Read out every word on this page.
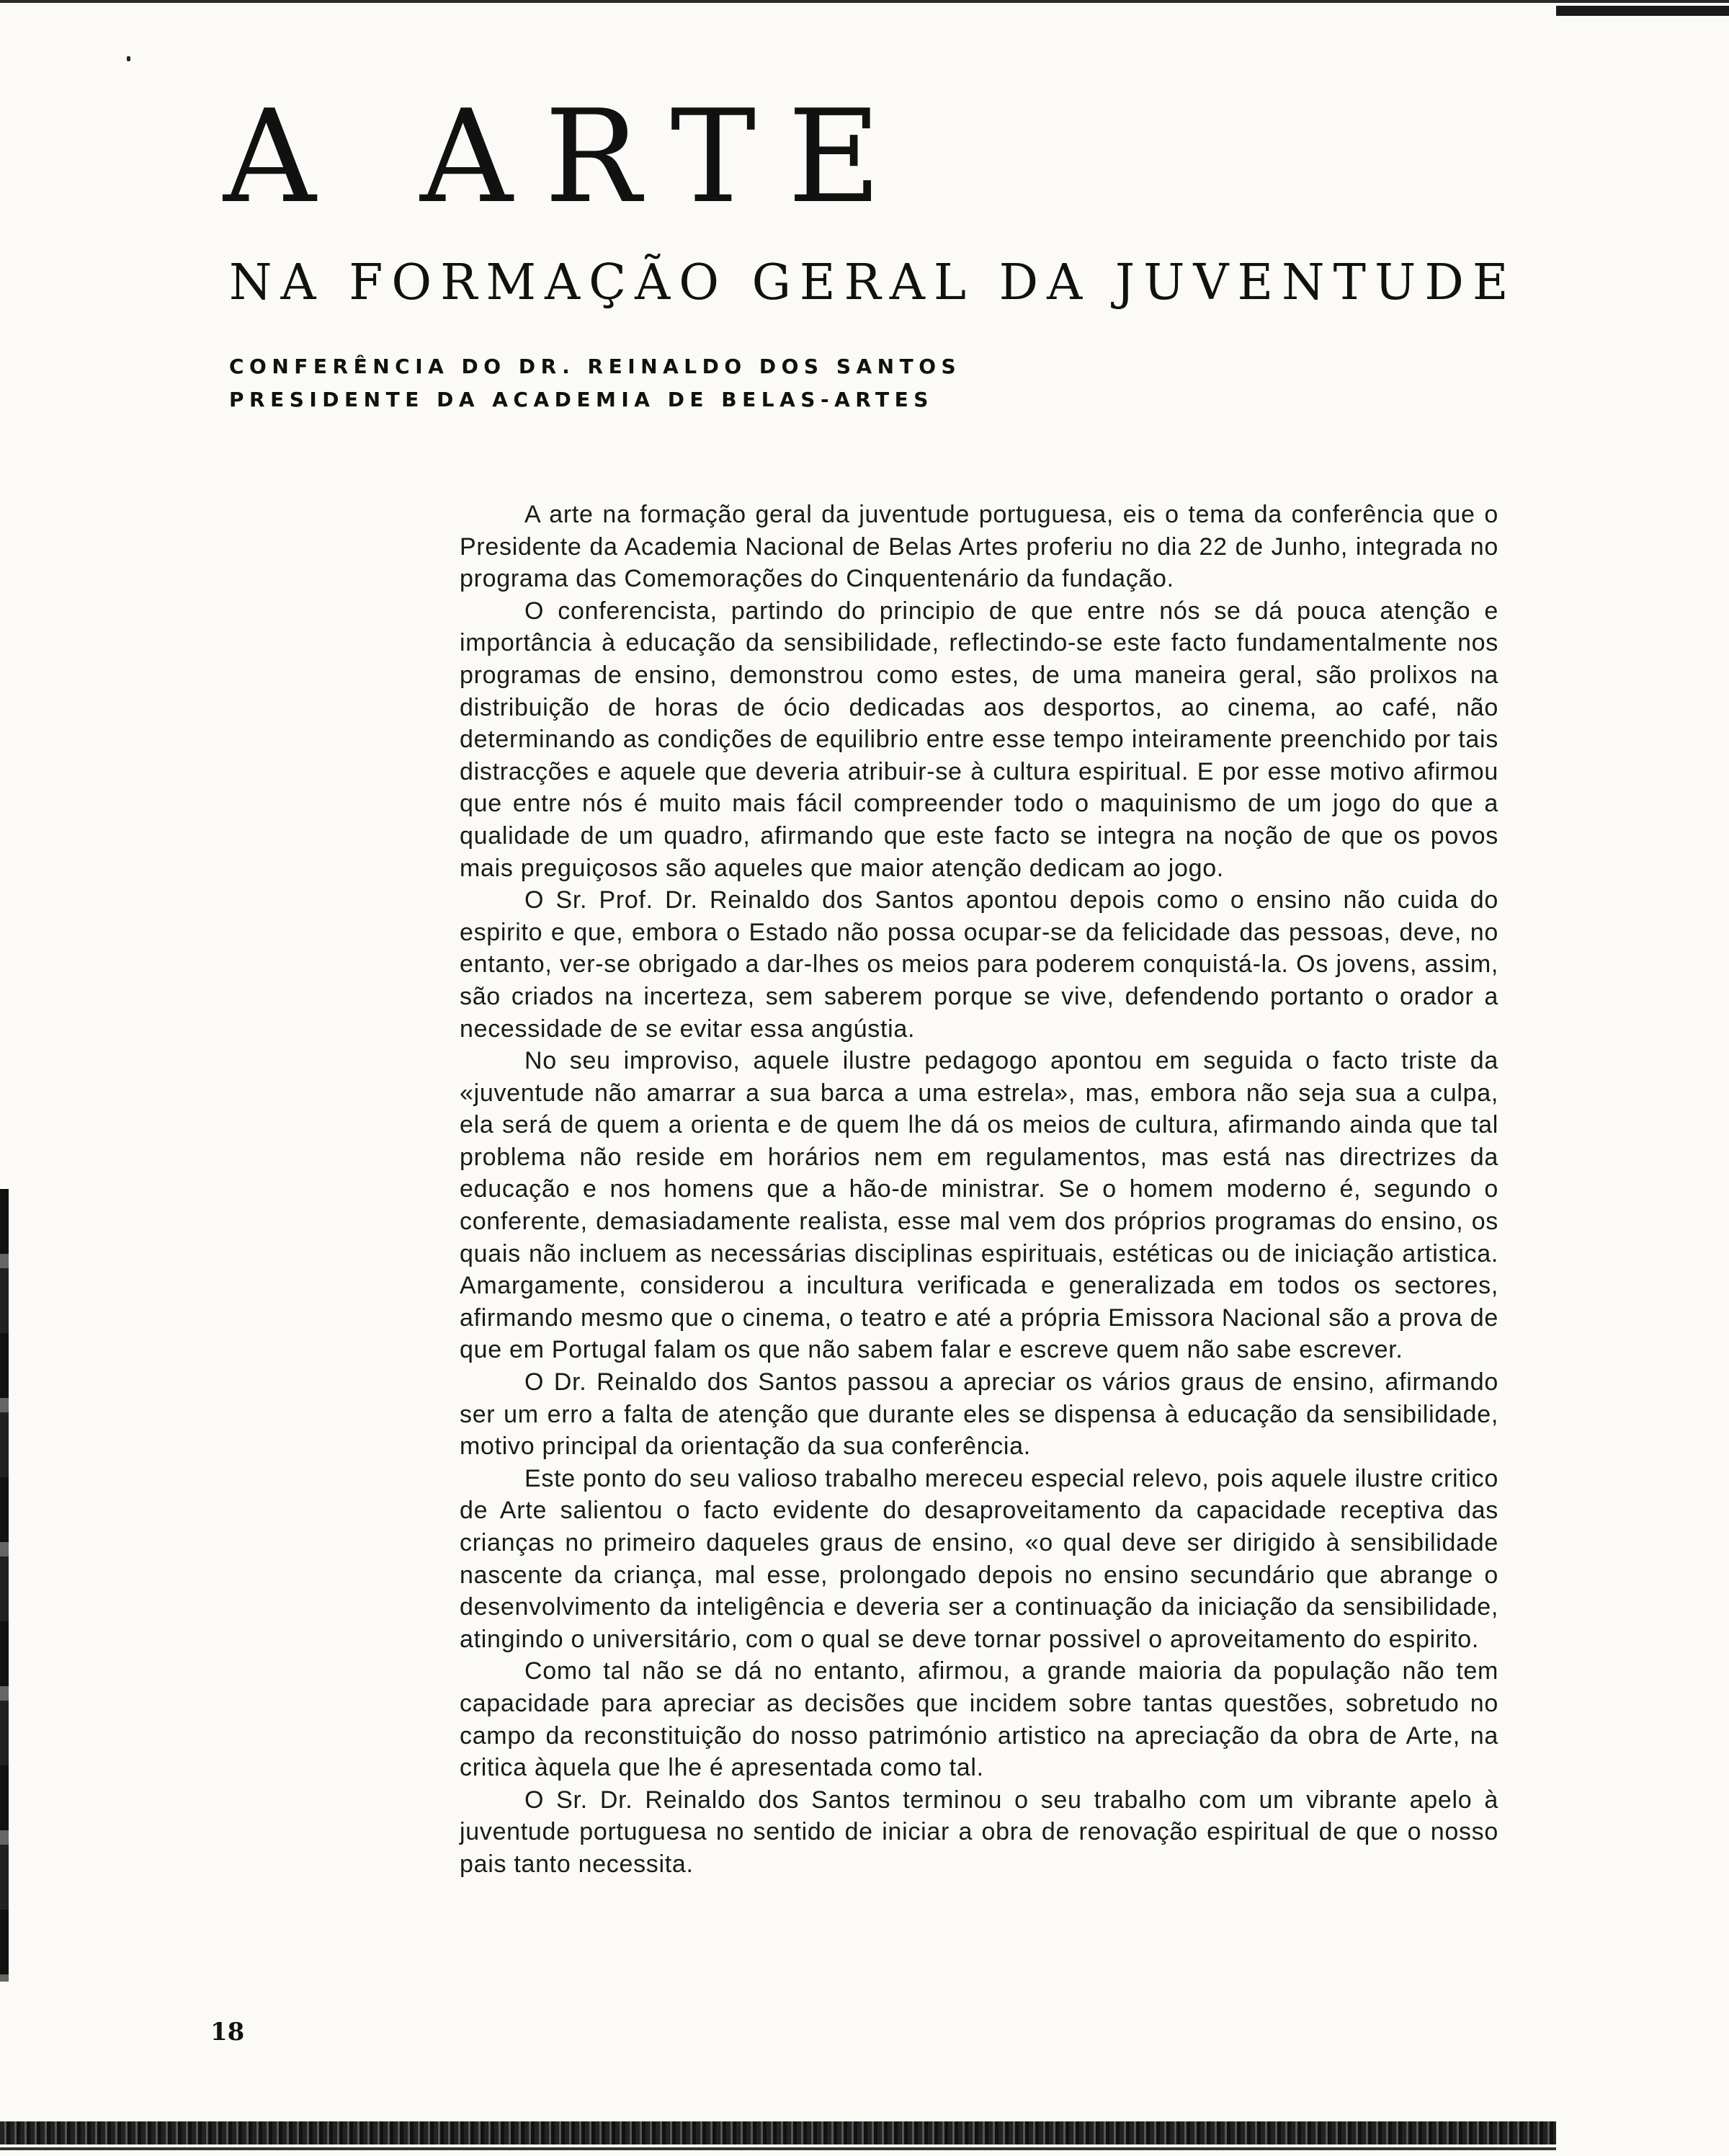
A ARTE
NA FORMAÇÃO GERAL DA JUVENTUDE
CONFERÊNCIA DO DR. REINALDO DOS SANTOS
PRESIDENTE DA ACADEMIA DE BELAS-ARTES

A arte na formação geral da juventude portuguesa, eis o tema da conferência que o Presidente da Academia Nacional de Belas Artes proferiu no dia 22 de Junho, integrada no programa das Comemorações do Cinquentenário da fundação.

O conferencista, partindo do principio de que entre nós se dá pouca atenção e importância à educação da sensibilidade, reflectindo-se este facto fundamentalmente nos programas de ensino, demonstrou como estes, de uma maneira geral, são prolixos na distribuição de horas de ócio dedicadas aos desportos, ao cinema, ao café, não determinando as condições de equilibrio entre esse tempo inteiramente preenchido por tais distracções e aquele que deveria atribuir-se à cultura espiritual. E por esse motivo afirmou que entre nós é muito mais fácil compreender todo o maquinismo de um jogo do que a qualidade de um quadro, afirmando que este facto se integra na noção de que os povos mais preguiçosos são aqueles que maior atenção dedicam ao jogo.

O Sr. Prof. Dr. Reinaldo dos Santos apontou depois como o ensino não cuida do espirito e que, embora o Estado não possa ocupar-se da felicidade das pessoas, deve, no entanto, ver-se obrigado a dar-lhes os meios para poderem conquistá-la. Os jovens, assim, são criados na incerteza, sem saberem porque se vive, defendendo portanto o orador a necessidade de se evitar essa angústia.

No seu improviso, aquele ilustre pedagogo apontou em seguida o facto triste da «juventude não amarrar a sua barca a uma estrela», mas, embora não seja sua a culpa, ela será de quem a orienta e de quem lhe dá os meios de cultura, afirmando ainda que tal problema não reside em horários nem em regulamentos, mas está nas directrizes da educação e nos homens que a hão-de ministrar. Se o homem moderno é, segundo o conferente, demasiadamente realista, esse mal vem dos próprios programas do ensino, os quais não incluem as necessárias disciplinas espirituais, estéticas ou de iniciação artistica. Amargamente, considerou a incultura verificada e generalizada em todos os sectores, afirmando mesmo que o cinema, o teatro e até a própria Emissora Nacional são a prova de que em Portugal falam os que não sabem falar e escreve quem não sabe escrever.

O Dr. Reinaldo dos Santos passou a apreciar os vários graus de ensino, afirmando ser um erro a falta de atenção que durante eles se dispensa à educação da sensibilidade, motivo principal da orientação da sua conferência.

Este ponto do seu valioso trabalho mereceu especial relevo, pois aquele ilustre critico de Arte salientou o facto evidente do desaproveitamento da capacidade receptiva das crianças no primeiro daqueles graus de ensino, «o qual deve ser dirigido à sensibilidade nascente da criança, mal esse, prolongado depois no ensino secundário que abrange o desenvolvimento da inteligência e deveria ser a continuação da iniciação da sensibilidade, atingindo o universitário, com o qual se deve tornar possivel o aproveitamento do espirito.

Como tal não se dá no entanto, afirmou, a grande maioria da população não tem capacidade para apreciar as decisões que incidem sobre tantas questões, sobretudo no campo da reconstituição do nosso património artistico na apreciação da obra de Arte, na critica àquela que lhe é apresentada como tal.

O Sr. Dr. Reinaldo dos Santos terminou o seu trabalho com um vibrante apelo à juventude portuguesa no sentido de iniciar a obra de renovação espiritual de que o nosso pais tanto necessita.

18
